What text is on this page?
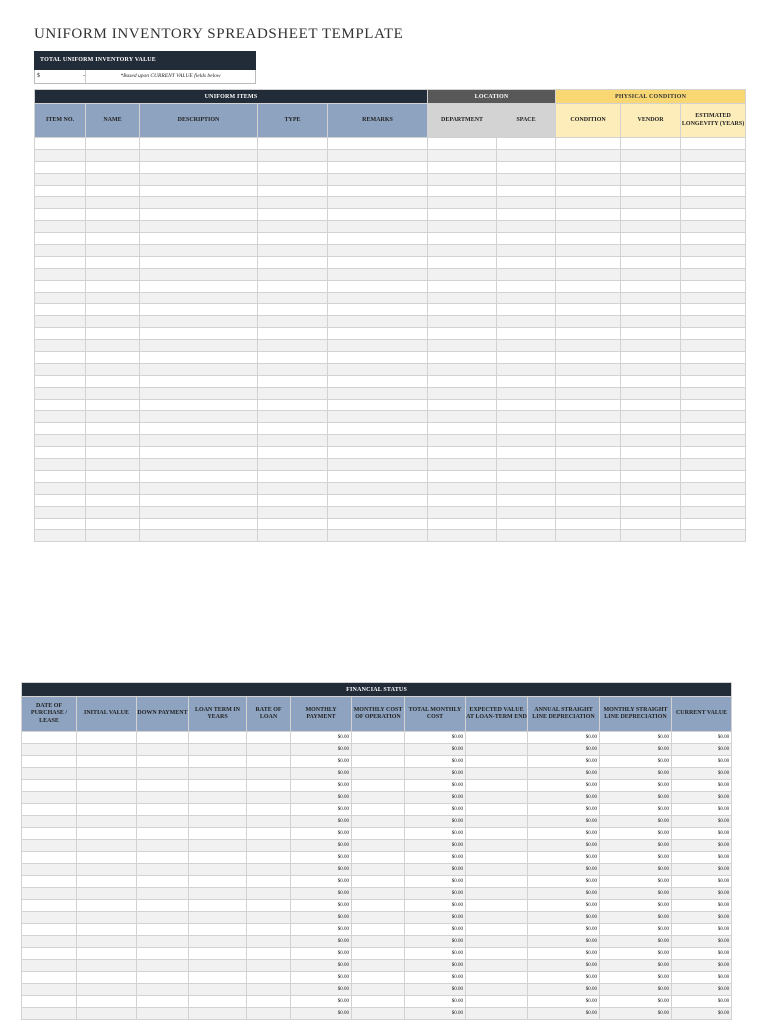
UNIFORM INVENTORY SPREADSHEET TEMPLATE
TOTAL UNIFORM INVENTORY VALUE
$	-	*Based upon CURRENT VALUE fields below
UNIFORM ITEMS					LOCATION		PHYSICAL CONDITION		
ITEM NO.	NAME	DESCRIPTION	TYPE	REMARKS	DEPARTMENT	SPACE	CONDITION	VENDOR	ESTIMATED LONGEVITY (YEARS)

FINANCIAL STATUS											
DATE OF PURCHASE / LEASE	INITIAL VALUE	DOWN PAYMENT	LOAN TERM IN YEARS	RATE OF LOAN	MONTHLY PAYMENT	MONTHLY COST OF OPERATION	TOTAL MONTHLY COST	EXPECTED VALUE AT LOAN-TERM END	ANNUAL STRAIGHT LINE DEPRECIATION	MONTHLY STRAIGHT LINE DEPRECIATION	CURRENT VALUE
					$0.00		$0.00		$0.00	$0.00	$0.00
					$0.00		$0.00		$0.00	$0.00	$0.00
					$0.00		$0.00		$0.00	$0.00	$0.00
					$0.00		$0.00		$0.00	$0.00	$0.00
					$0.00		$0.00		$0.00	$0.00	$0.00
					$0.00		$0.00		$0.00	$0.00	$0.00
					$0.00		$0.00		$0.00	$0.00	$0.00
					$0.00		$0.00		$0.00	$0.00	$0.00
					$0.00		$0.00		$0.00	$0.00	$0.00
					$0.00		$0.00		$0.00	$0.00	$0.00
					$0.00		$0.00		$0.00	$0.00	$0.00
					$0.00		$0.00		$0.00	$0.00	$0.00
					$0.00		$0.00		$0.00	$0.00	$0.00
					$0.00		$0.00		$0.00	$0.00	$0.00
					$0.00		$0.00		$0.00	$0.00	$0.00
					$0.00		$0.00		$0.00	$0.00	$0.00
					$0.00		$0.00		$0.00	$0.00	$0.00
					$0.00		$0.00		$0.00	$0.00	$0.00
					$0.00		$0.00		$0.00	$0.00	$0.00
					$0.00		$0.00		$0.00	$0.00	$0.00
					$0.00		$0.00		$0.00	$0.00	$0.00
					$0.00		$0.00		$0.00	$0.00	$0.00
					$0.00		$0.00		$0.00	$0.00	$0.00
					$0.00		$0.00		$0.00	$0.00	$0.00
